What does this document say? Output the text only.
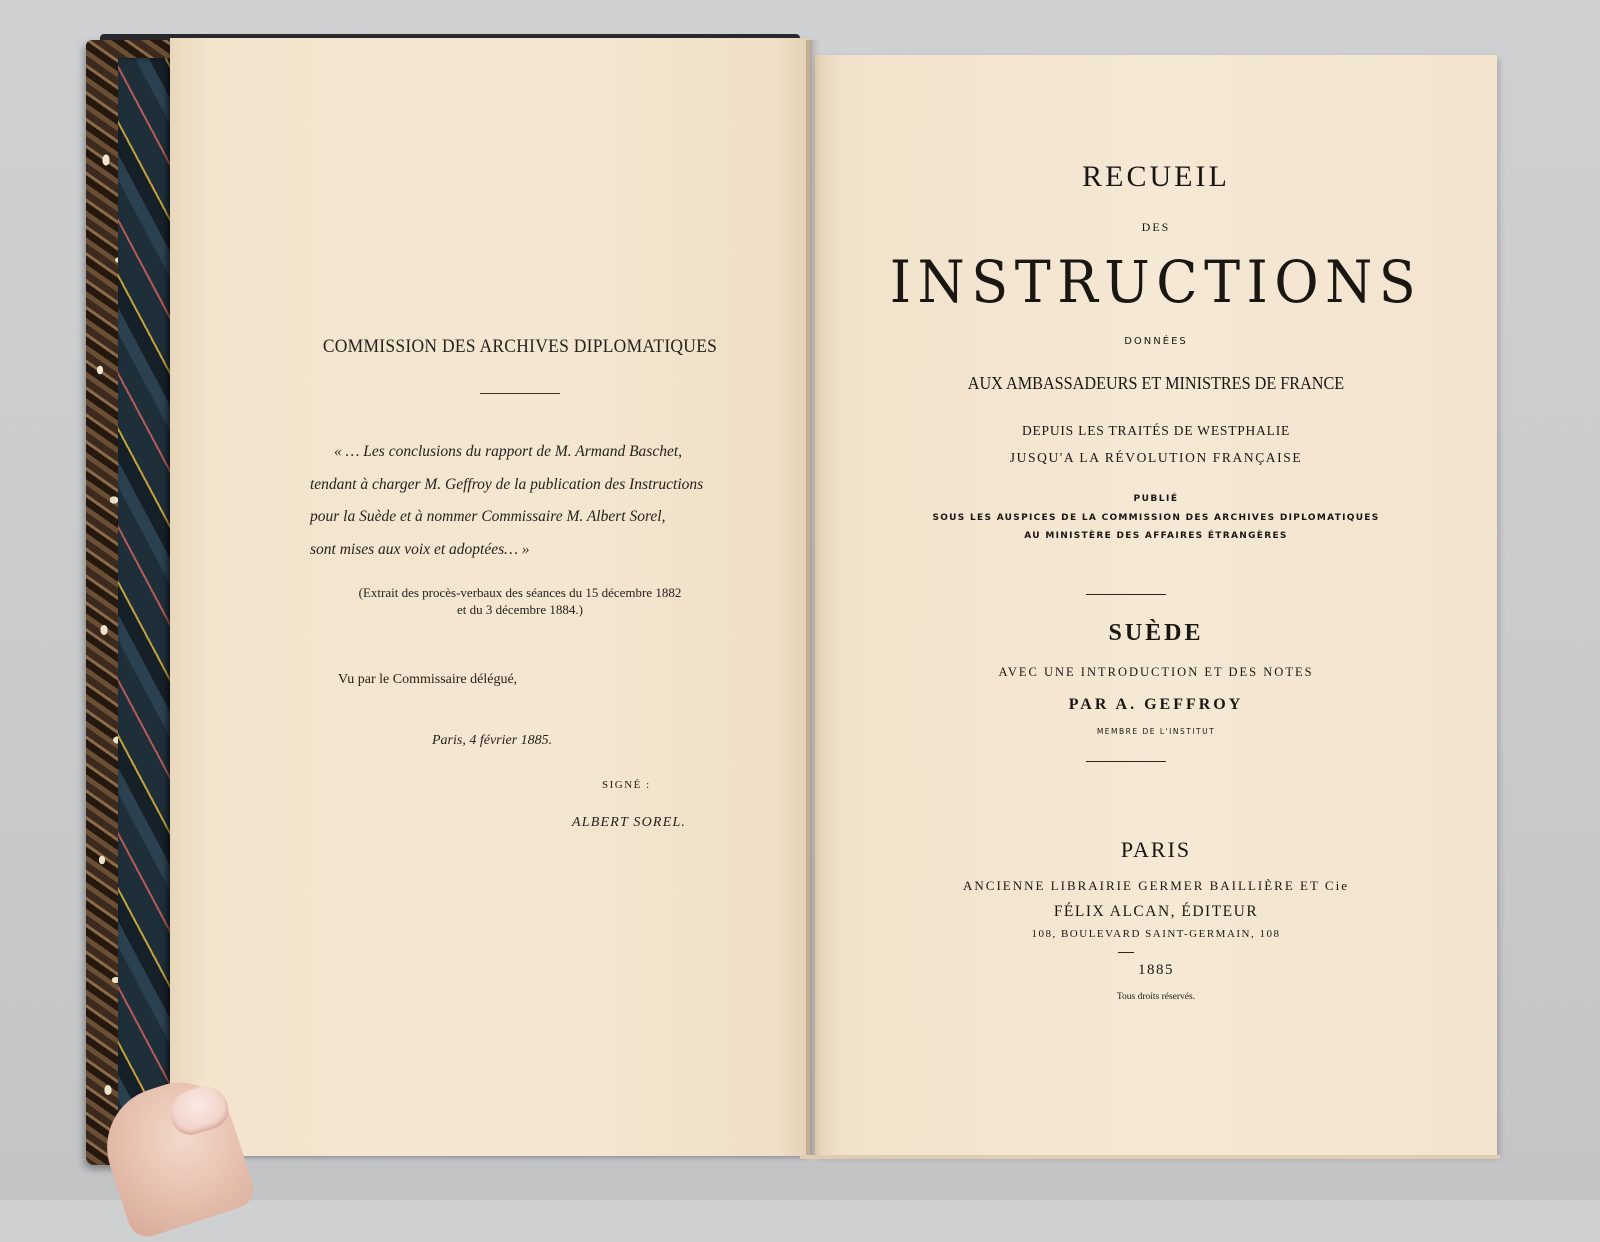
COMMISSION DES ARCHIVES DIPLOMATIQUES

« … Les conclusions du rapport de M. Armand Baschet,

tendant à charger M. Geffroy de la publication des Instructions

pour la Suède et à nommer Commissaire M. Albert Sorel,

sont mises aux voix et adoptées… »

(Extrait des procès-verbaux des séances du 15 décembre 1882
et du 3 décembre 1884.)
Vu par le Commissaire délégué,
Paris, 4 février 1885.
SIGNÉ :
ALBERT SOREL.
RECUEIL
DES
INSTRUCTIONS
DONNÉES
AUX AMBASSADEURS ET MINISTRES DE FRANCE
DEPUIS LES TRAITÉS DE WESTPHALIE
JUSQU'A LA RÉVOLUTION FRANÇAISE
PUBLIÉ
SOUS LES AUSPICES DE LA COMMISSION DES ARCHIVES DIPLOMATIQUES
AU MINISTÈRE DES AFFAIRES ÉTRANGÈRES
SUÈDE
AVEC UNE INTRODUCTION ET DES NOTES
PAR A. GEFFROY
MEMBRE DE L'INSTITUT
PARIS
ANCIENNE LIBRAIRIE GERMER BAILLIÈRE ET Cie
FÉLIX ALCAN, ÉDITEUR
108, BOULEVARD SAINT-GERMAIN, 108
1885
Tous droits réservés.
